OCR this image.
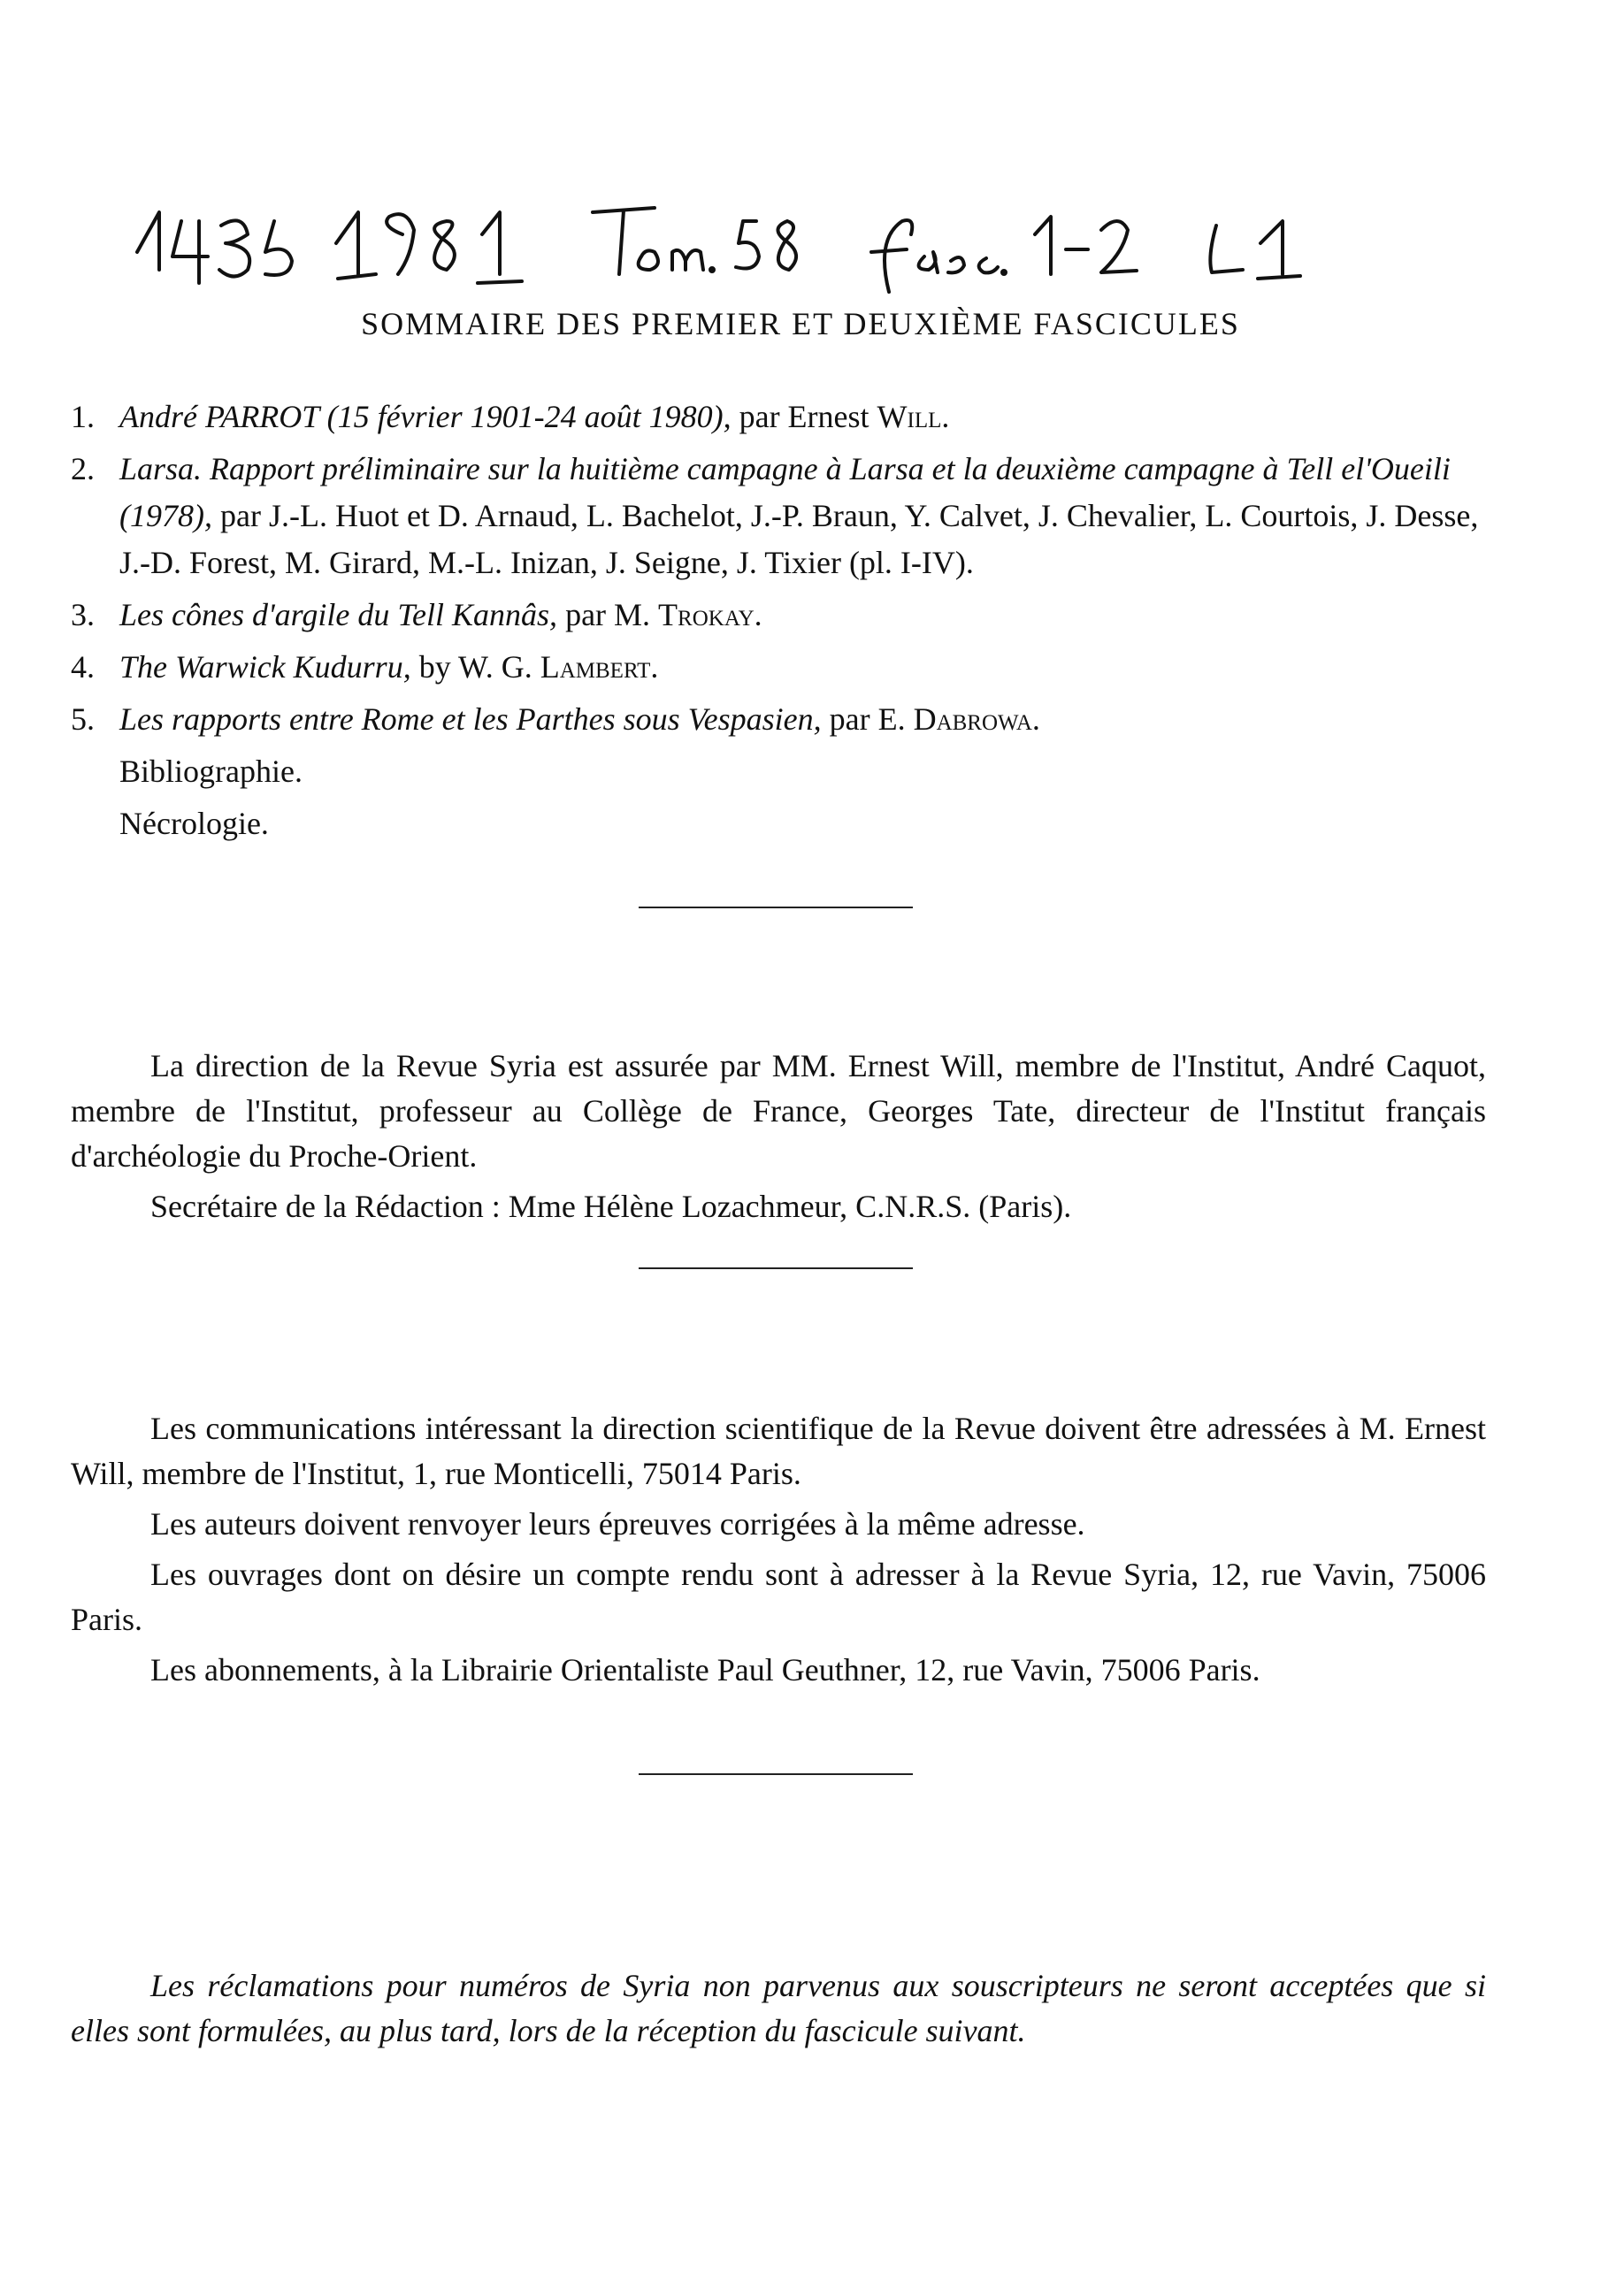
SOMMAIRE DES PREMIER ET DEUXIÈME FASCICULES
1. André PARROT (15 février 1901-24 août 1980), par Ernest Will.
2. Larsa. Rapport préliminaire sur la huitième campagne à Larsa et la deuxième campagne à Tell el'Oueili (1978), par J.-L. Huot et D. Arnaud, L. Bachelot, J.-P. Braun, Y. Calvet, J. Chevalier, L. Courtois, J. Desse, J.-D. Forest, M. Girard, M.-L. Inizan, J. Seigne, J. Tixier (pl. I-IV).
3. Les cônes d'argile du Tell Kannâs, par M. Trokay.
4. The Warwick Kudurru, by W. G. Lambert.
5. Les rapports entre Rome et les Parthes sous Vespasien, par E. Dabrowa.
Bibliographie.
Nécrologie.

La direction de la Revue Syria est assurée par MM. Ernest Will, membre de l'Institut, André Caquot, membre de l'Institut, professeur au Collège de France, Georges Tate, directeur de l'Institut français d'archéologie du Proche-Orient.

Secrétaire de la Rédaction : Mme Hélène Lozachmeur, C.N.R.S. (Paris).

Les communications intéressant la direction scientifique de la Revue doivent être adressées à M. Ernest Will, membre de l'Institut, 1, rue Monticelli, 75014 Paris.

Les auteurs doivent renvoyer leurs épreuves corrigées à la même adresse.

Les ouvrages dont on désire un compte rendu sont à adresser à la Revue Syria, 12, rue Vavin, 75006 Paris.

Les abonnements, à la Librairie Orientaliste Paul Geuthner, 12, rue Vavin, 75006 Paris.

Les réclamations pour numéros de Syria non parvenus aux souscripteurs ne seront acceptées que si elles sont formulées, au plus tard, lors de la réception du fascicule suivant.
